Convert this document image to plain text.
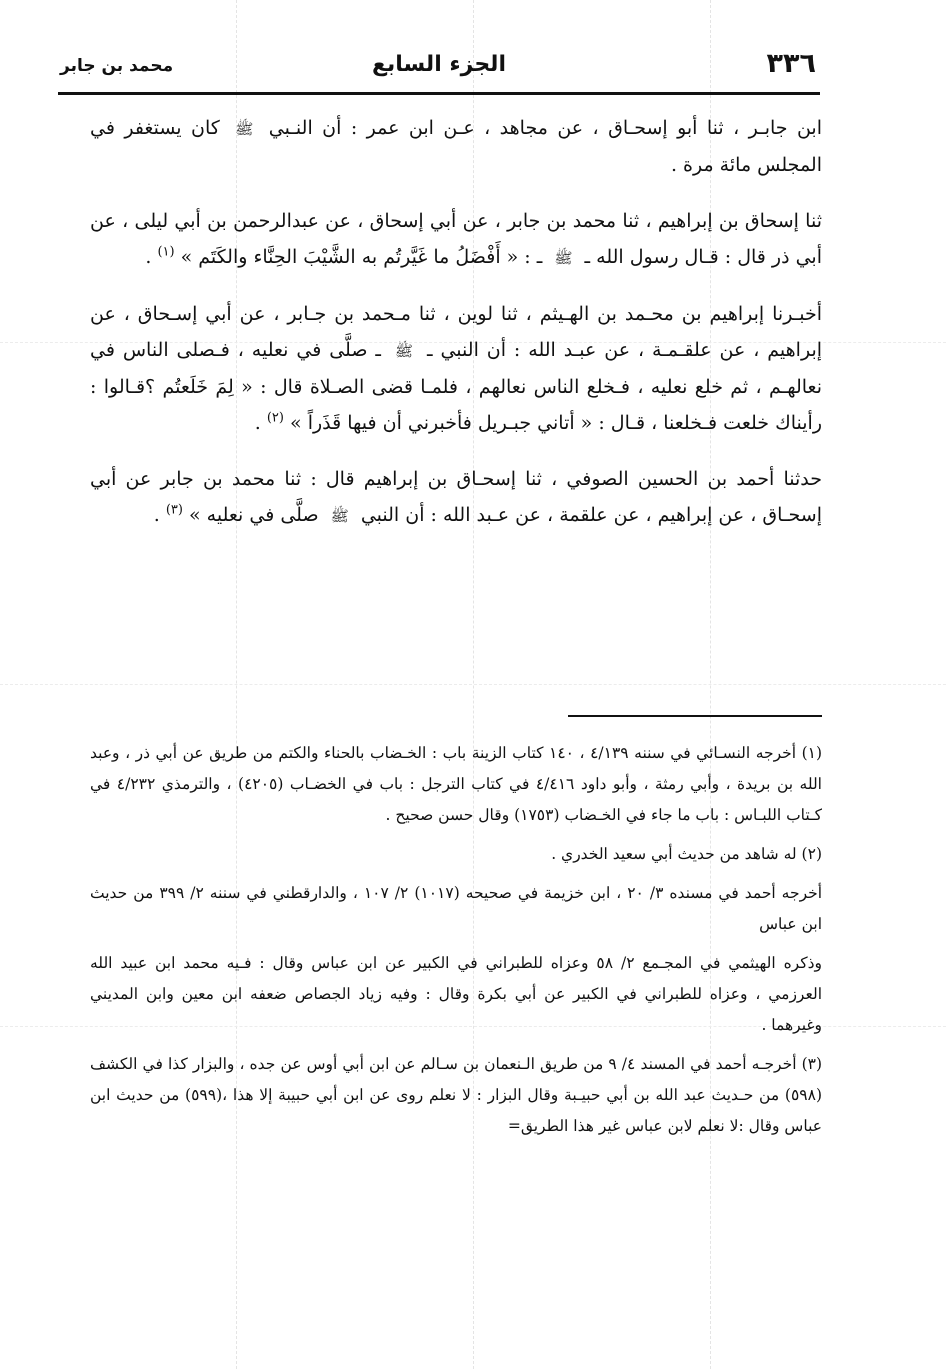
٣٣٦
الجزء السابع
محمد بن جابر

ابن جابـر ، ثنا أبو إسحـاق ، عن مجاهد ، عـن ابن عمر : أن النـبي ﷺ كان يستغفر في المجلس مائة مرة .

ثنا إسحاق بن إبراهيم ، ثنا محمد بن جابر ، عن أبي إسحاق ، عن عبدالرحمن بن أبي ليلى ، عن أبي ذر قال : قـال رسول الله ـ ﷺ ـ : « أَفْضَلُ ما غَيَّرتُم به الشَّيْبَ الحِنَّاء والكَتَم » $^{(١)}$ .

أخبـرنا إبراهيم بن محـمد بن الهـيثم ، ثنا لوين ، ثنا مـحمد بن جـابر ، عن أبي إسـحاق ، عن إبراهيم ، عن علقـمـة ، عن عبـد الله : أن النبي ـ ﷺ ـ صلَّى في نعليه ، فـصلى الناس في نعالهـم ، ثم خلع نعليه ، فـخلع الناس نعالهم ، فلمـا قضى الصـلاة قال : « لِمَ خَلَعتُم ؟قـالوا : رأيناك خلعت فـخلعنا ، قـال : « أتاني جبـريل فأخبرني أن فيها قَذَراً » $^{(٢)}$ .

حدثنا أحمد بن الحسين الصوفي ، ثنا إسحـاق بن إبراهيم قال : ثنا محمد بن جابر عن أبي إسحـاق ، عن إبراهيم ، عن علقمة ، عن عـبد الله : أن النبي ﷺ صلَّى في نعليه » $^{(٣)}$ .

(١) أخرجه النسـائي في سننه ٤/١٣٩ ، ١٤٠ كتاب الزينة باب : الخـضاب بالحناء والكتم من طريق عن أبي ذر ، وعبد الله بن بريدة ، وأبي رمثة ، وأبو داود ٤/٤١٦ في كتاب الترجل : باب في الخضـاب (٤٢٠٥) ، والترمذي ٤/٢٣٢ في كـتاب اللبـاس : باب ما جاء في الخـضاب (١٧٥٣) وقال حسن صحيح .

(٢) له شاهد من حديث أبي سعيد الخدري .

أخرجه أحمد في مسنده ٣/ ٢٠ ، ابن خزيمة في صحيحه (١٠١٧) ٢/ ١٠٧ ، والدارقطني في سننه ٢/ ٣٩٩ من حديث ابن عباس

وذكره الهيثمي في المجـمع ٢/ ٥٨ وعزاه للطبراني في الكبير عن ابن عباس وقال : فـيه محمد ابن عبيد الله العرزمي ، وعزاه للطبراني في الكبير عن أبي بكرة وقال : وفيه زياد الجصاص ضعفه ابن معين وابن المديني وغيرهما .

(٣) أخرجـه أحمد في المسند ٤/ ٩ من طريق الـنعمان بن سـالم عن ابن أبي أوس عن جده ، والبزار كذا في الكشف (٥٩٨) من حـديث عبد الله بن أبي حبيـبة وقال البزار : لا نعلم روى عن ابن أبي حبيبة إلا هذا ،(٥٩٩) من حديث ابن عباس وقال :لا نعلم لابن عباس غير هذا الطريق=
